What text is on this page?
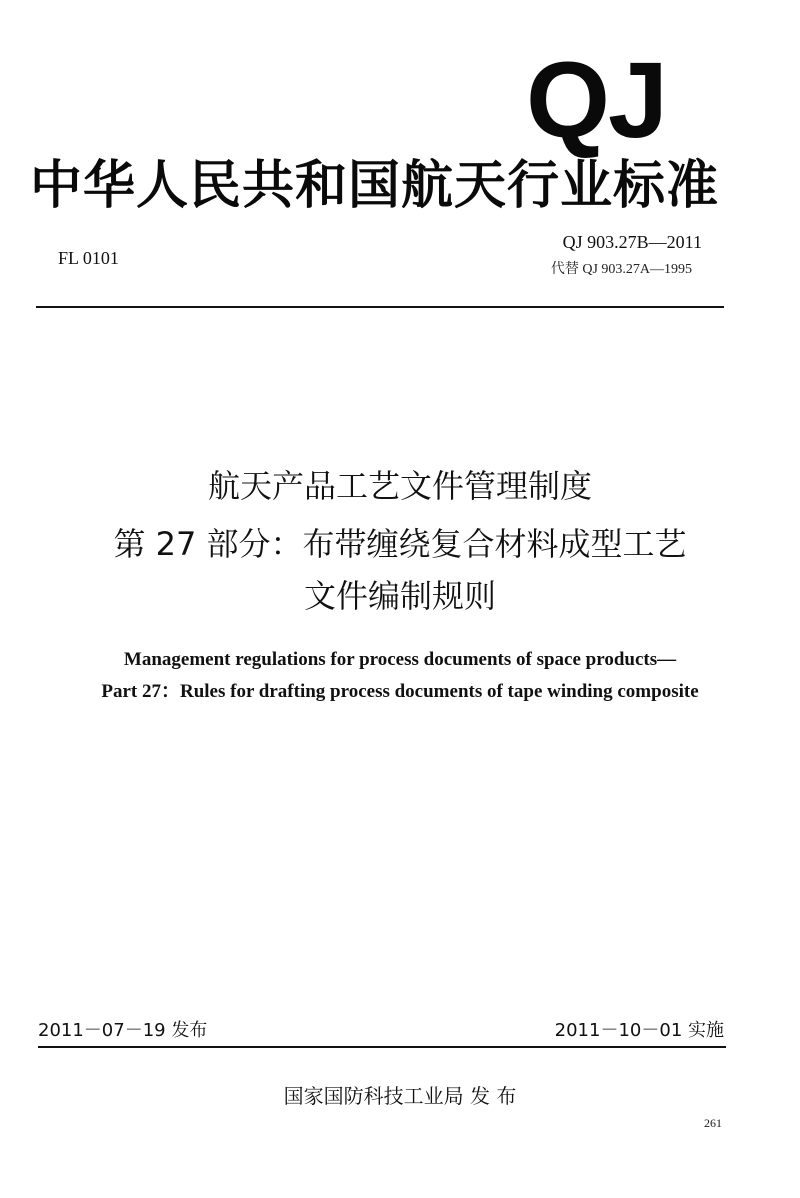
QJ
中华人民共和国航天行业标准
FL 0101
QJ 903.27B—2011
代替 QJ 903.27A—1995
航天产品工艺文件管理制度
第 27 部分：布带缠绕复合材料成型工艺
文件编制规则
Management regulations for process documents of space products—
Part 27：Rules for drafting process documents of tape winding composite
2011－07－19 发布	2011－10－01 实施
国家国防科技工业局 发 布
261
